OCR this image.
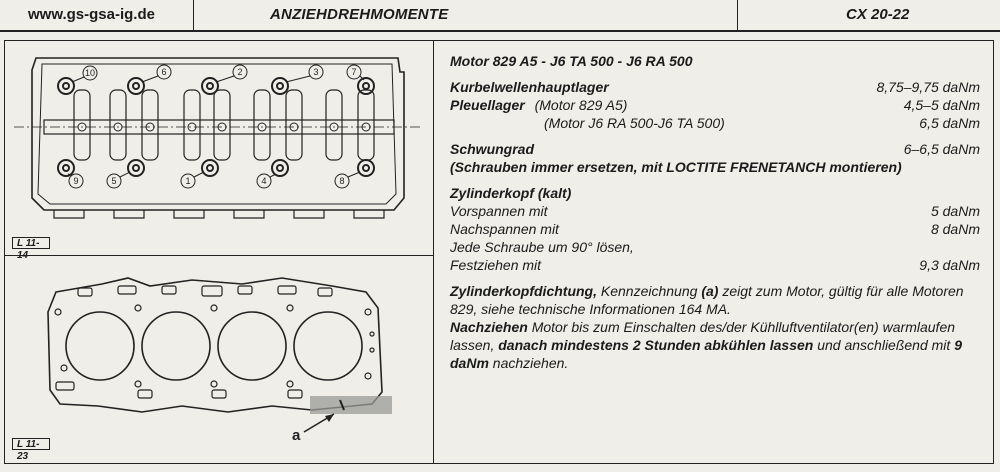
www.gs-gsa-ig.de	ANZIEHDREHMOMENTE	CX 20-22
10	6	2	3	7
9	5	1	4	8
L 11-14
a
L 11-23
Motor 829 A5 - J6 TA 500 - J6 RA 500
Kurbelwellenhauptlager	8,75–9,75 daNm
Pleuellager (Motor 829 A5)	4,5–5 daNm
(Motor J6 RA 500-J6 TA 500)	6,5 daNm
Schwungrad	6–6,5 daNm
(Schrauben immer ersetzen, mit LOCTITE FRENETANCH montieren)
Zylinderkopf (kalt)
Vorspannen mit	5 daNm
Nachspannen mit	8 daNm
Jede Schraube um 90° lösen,
Festziehen mit	9,3 daNm
Zylinderkopfdichtung, Kennzeichnung (a) zeigt zum Motor, gültig für alle Motoren 829, siehe technische Informationen 164 MA.
Nachziehen Motor bis zum Einschalten des/der Kühlluftventilator(en) warmlaufen lassen, danach mindestens 2 Stunden abkühlen lassen und anschließend mit 9 daNm nachziehen.
